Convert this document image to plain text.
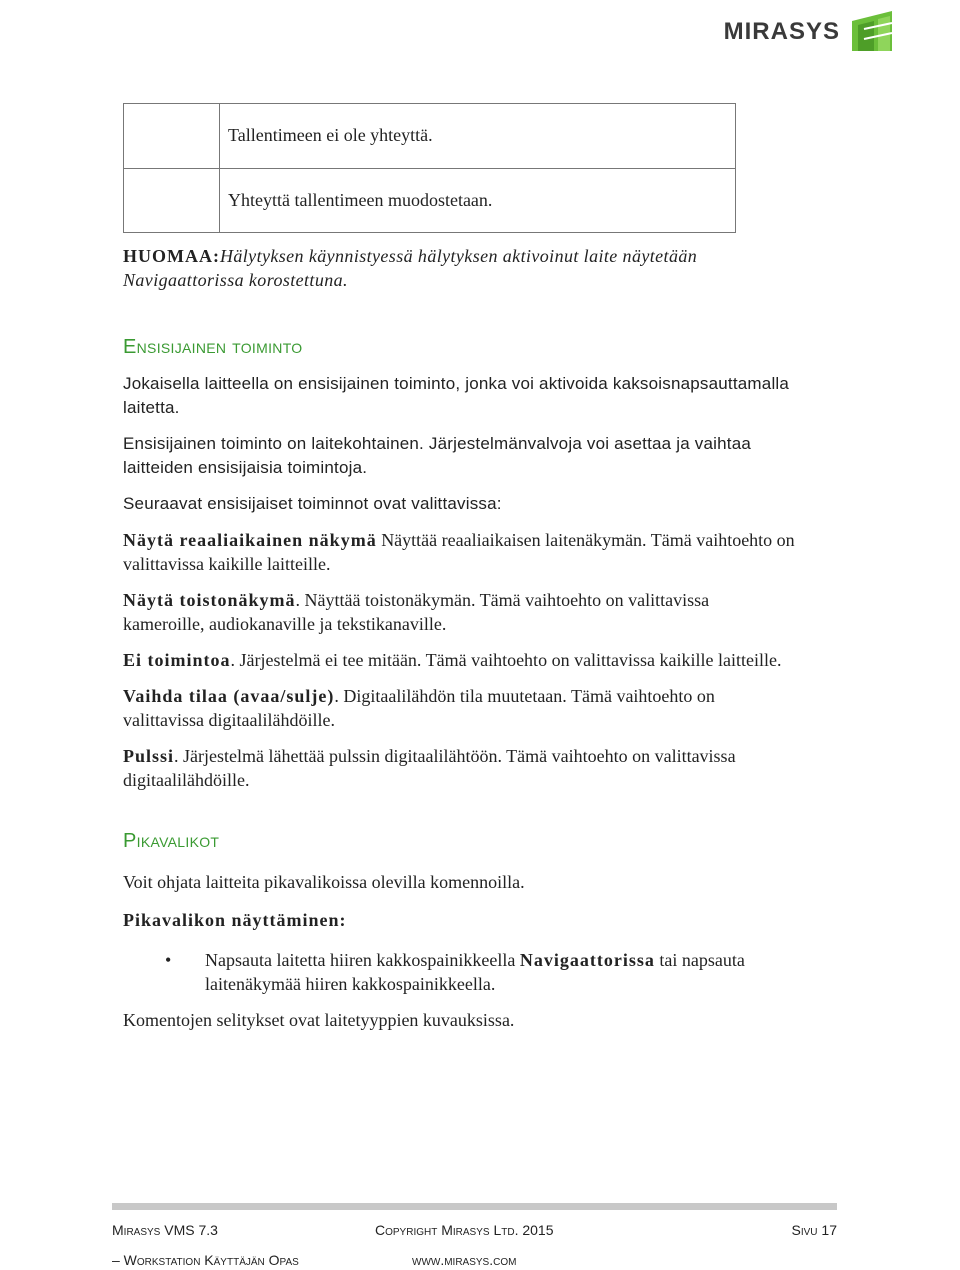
MIRASYS
	Tallentimeen ei ole yhteyttä.
	Yhteyttä tallentimeen muodostetaan.

HUOMAA:Hälytyksen käynnistyessä hälytyksen aktivoinut laite näytetään
Navigaattorissa korostettuna.

Ensisijainen toiminto

Jokaisella laitteella on ensisijainen toiminto, jonka voi aktivoida kaksoisnapsauttamalla laitetta.

Ensisijainen toiminto on laitekohtainen. Järjestelmänvalvoja voi asettaa ja vaihtaa laitteiden ensisijaisia toimintoja.

Seuraavat ensisijaiset toiminnot ovat valittavissa:

Näytä reaaliaikainen näkymä Näyttää reaaliaikaisen laitenäkymän. Tämä vaihtoehto on valittavissa kaikille laitteille.

Näytä toistonäkymä. Näyttää toistonäkymän. Tämä vaihtoehto on valittavissa kameroille, audiokanaville ja tekstikanaville.

Ei toimintoa. Järjestelmä ei tee mitään. Tämä vaihtoehto on valittavissa kaikille laitteille.

Vaihda tilaa (avaa/sulje). Digitaalilähdön tila muutetaan. Tämä vaihtoehto on valittavissa digitaalilähdöille.

Pulssi. Järjestelmä lähettää pulssin digitaalilähtöön. Tämä vaihtoehto on valittavissa digitaalilähdöille.

Pikavalikot

Voit ohjata laitteita pikavalikoissa olevilla komennoilla.

Pikavalikon näyttäminen:

• Napsauta laitetta hiiren kakkospainikkeella Navigaattorissa tai napsauta laitenäkymää hiiren kakkospainikkeella.

Komentojen selitykset ovat laitetyyppien kuvauksissa.

Mirasys VMS 7.3	Copyright Mirasys Ltd. 2015	Sivu 17
– Workstation Käyttäjän Opas	www.mirasys.com
